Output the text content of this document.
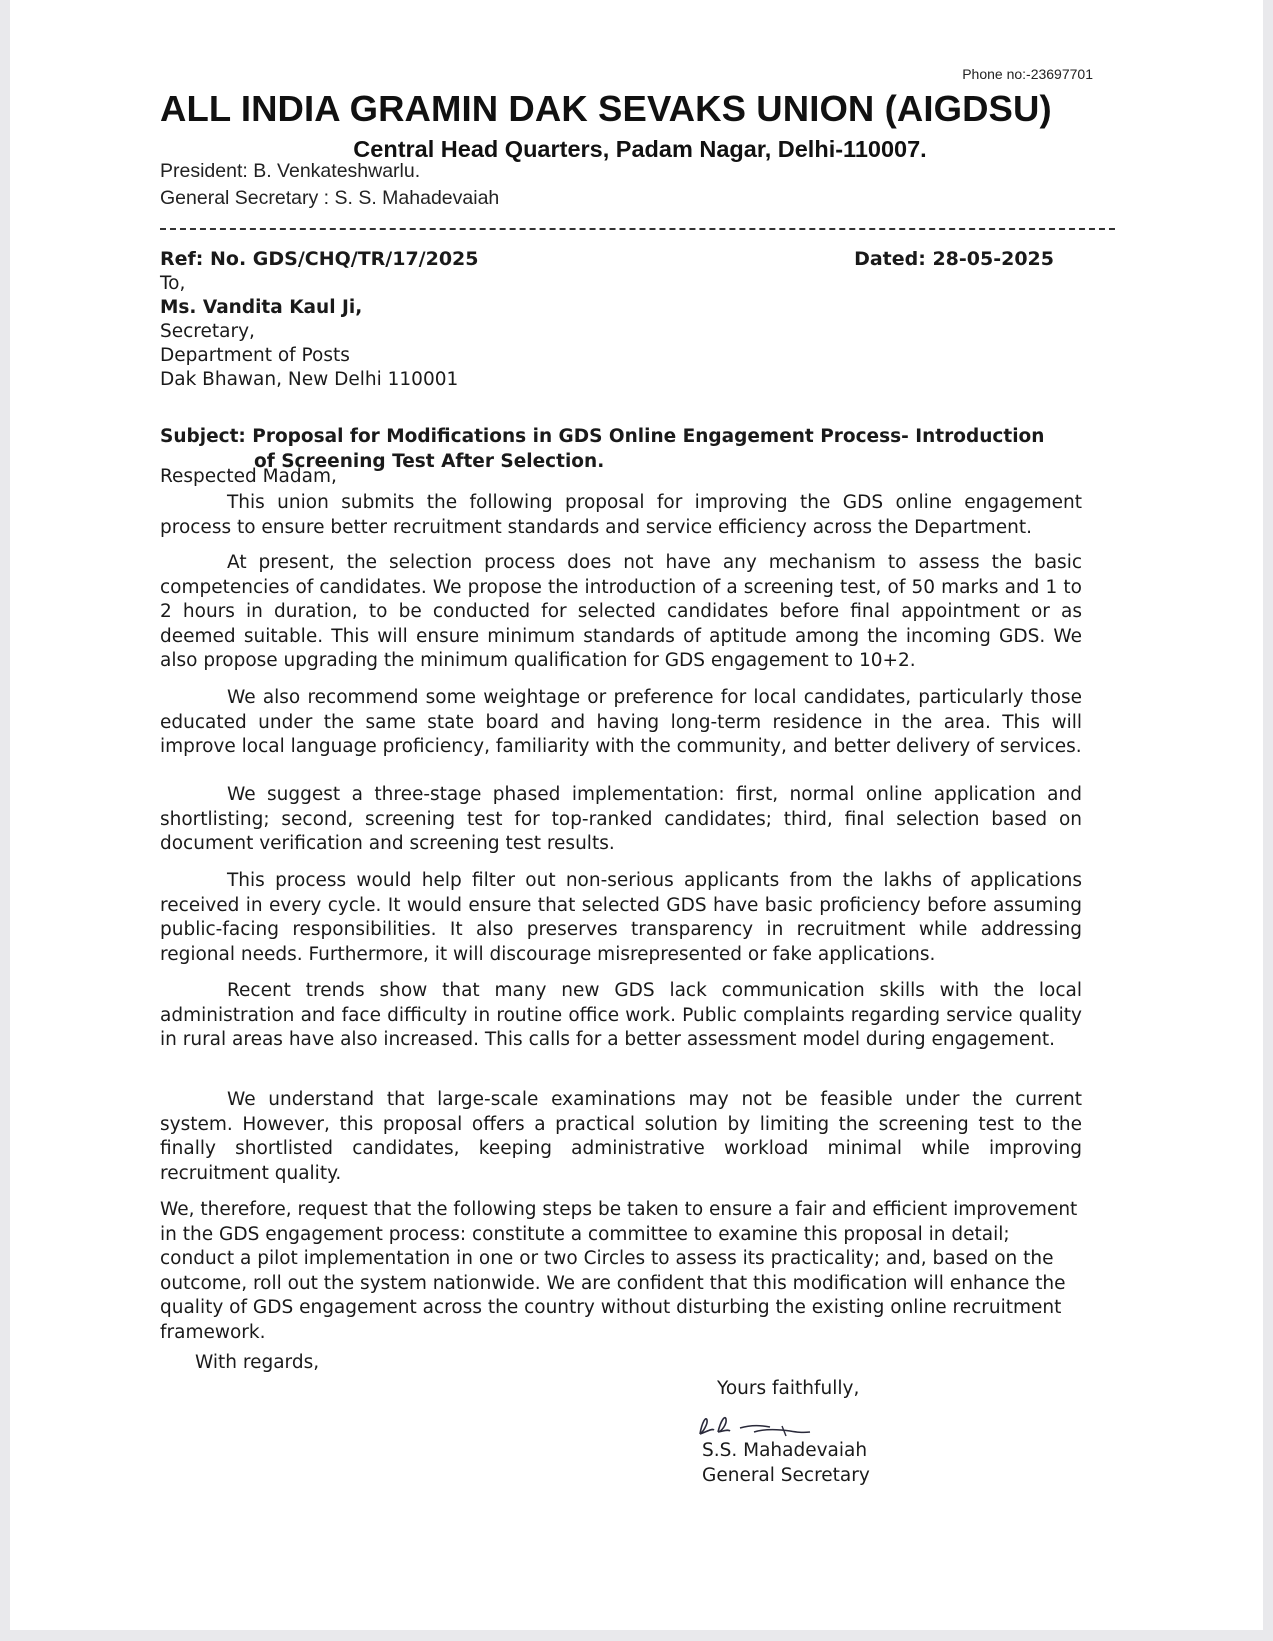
Phone no:-23697701
ALL INDIA GRAMIN DAK SEVAKS UNION (AIGDSU)
Central Head Quarters, Padam Nagar, Delhi-110007.
President: B. Venkateshwarlu.
General Secretary : S. S. Mahadevaiah
Ref: No. GDS/CHQ/TR/17/2025	Dated: 28-05-2025
To,
Ms. Vandita Kaul Ji,
Secretary,
Department of Posts
Dak Bhawan, New Delhi 110001
Subject: Proposal for Modifications in GDS Online Engagement Process- Introduction
of Screening Test After Selection.
Respected Madam,
This union submits the following proposal for improving the GDS online engagement process to ensure better recruitment standards and service efficiency across the Department.
At present, the selection process does not have any mechanism to assess the basic competencies of candidates. We propose the introduction of a screening test, of 50 marks and 1 to 2 hours in duration, to be conducted for selected candidates before final appointment or as deemed suitable. This will ensure minimum standards of aptitude among the incoming GDS. We also propose upgrading the minimum qualification for GDS engagement to 10+2.
We also recommend some weightage or preference for local candidates, particularly those educated under the same state board and having long-term residence in the area. This will improve local language proficiency, familiarity with the community, and better delivery of services.
We suggest a three-stage phased implementation: first, normal online application and shortlisting; second, screening test for top-ranked candidates; third, final selection based on document verification and screening test results.
This process would help filter out non-serious applicants from the lakhs of applications received in every cycle. It would ensure that selected GDS have basic proficiency before assuming public-facing responsibilities. It also preserves transparency in recruitment while addressing regional needs. Furthermore, it will discourage misrepresented or fake applications.
Recent trends show that many new GDS lack communication skills with the local administration and face difficulty in routine office work. Public complaints regarding service quality in rural areas have also increased. This calls for a better assessment model during engagement.
We understand that large-scale examinations may not be feasible under the current system. However, this proposal offers a practical solution by limiting the screening test to the finally shortlisted candidates, keeping administrative workload minimal while improving recruitment quality.
We, therefore, request that the following steps be taken to ensure a fair and efficient improvement in the GDS engagement process: constitute a committee to examine this proposal in detail; conduct a pilot implementation in one or two Circles to assess its practicality; and, based on the outcome, roll out the system nationwide. We are confident that this modification will enhance the quality of GDS engagement across the country without disturbing the existing online recruitment framework.
With regards,
Yours faithfully,
S.S. Mahadevaiah
General Secretary
